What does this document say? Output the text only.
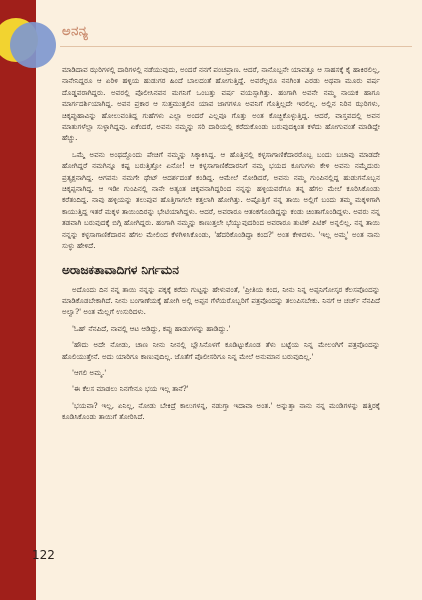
ಅನನ್ಯ

ಮಾಡಿದಾವ ಝರಿಗಳಲ್ಲಿ ದಾರಿಗಳಲ್ಲಿ ನಡೆಯುವುದು, ಅಂದರೆ ನನಗೆ ಪಂಚಪ್ರಾಣ. ಆದರೆ, ನಾನೊಬ್ಬನೇ ಯಾವತ್ತೂ ಆ ಸಾಹಸಕ್ಕೆ ಕೈ ಹಾಕಿರಲಿಲ್ಲ, ನಾನೇನಿದ್ದರೂ ಆ ಏರಿಳಿ ಹಳ್ಳಿಯ ಹುಡುಗರ ಹಿಂದೆ ಬಾಲದಂತೆ ಹೋಗುತ್ತಿದ್ದೆ. ಅವರೆಲ್ಲರೂ ನನಗಿಂತ ಎರಡು ಅಥವಾ ಮೂರು ವರ್ಷ ದೊಡ್ಡವರಾಗಿದ್ದರು. ಅವರಲ್ಲಿ ಪೊಲೀಸಿನವನ ಮಗನಿಗೆ ಒಂಬತ್ತು ವರ್ಷ ವಯಸ್ಸಾಗಿತ್ತು. ಹಂಗಾಗಿ ಅವನೇ ನಮ್ಮ ನಾಯಕ ಹಾಗೂ ಮಾರ್ಗದರ್ಶಿಯಾಗಿದ್ದ. ಅವನ ಪ್ರಕಾರ ಆ ಸುತ್ತಮುತ್ತಲಿನ ಯಾವ ಜಾಗಗಳೂ ಅವನಿಗೆ ಗೊತ್ತಿಲ್ಲದೇ ಇರಲಿಲ್ಲ. ಅಲ್ಲಿನ ನಿರಿನ ಝರಿಗಳು, ಚಿಕ್ಕಪ್ಪುಹಾವಿನ್ನು ಹೋಲುವಂತಿದ್ದ ಗುಹೆಗಳು ಎಲ್ಲಾ ಅಂದರೆ ಎಲ್ಲವೂ ಗೊತ್ತು ಅಂತ ಕೊಚ್ಚಿಕೊಳ್ಳುತ್ತಿದ್ದ. ಆದರೆ, ವಾಸ್ತವದಲ್ಲಿ ಅವನ ಮಾತುಗಳೆಲ್ಲಾ ಸುಳ್ಳಾಗಿದ್ದವು. ಏಕೆಂದರೆ, ಅವನು ನಮ್ಮನ್ನು ಸರಿ ದಾರಿಯಲ್ಲಿ ಕರೆದುಕೊಂಡು ಬರುವುದಕ್ಕಿಂತ ಕಳೆದು ಹೋಗುವಂತೆ ಮಾಡಿದ್ದೇ ಹೆಚ್ಚು.

ಒಮ್ಮೆ ಅವನು ಅಂಥದ್ದೊಂದು ಪೇಚಿಗೆ ನಮ್ಮನ್ನು ಸಿಕ್ಕಾಕಿಸಿದ್ದ. ಆ ಹೊತ್ತಿನಲ್ಲಿ ಕಳ್ಳಸಾಗಾಣಿಕೆದಾರರೊಬ್ಬ ಬಂದು ಬಚಾವು ಮಾಡದೇ ಹೋಗಿದ್ದರೆ ನಮಗಿನ್ನೂ ಕಷ್ಟ ಬರುತ್ತಿತ್ತೋ ಏನೋ! ಆ ಕಳ್ಳಸಾಗಾಣಿಕೆದಾರನಿಗೆ ನಮ್ಮ ಭಯದ ಕೂಗುಗಳು ಕೇಳಿ ಅವನು ನಮ್ಮೆದುರು ಪ್ರತ್ಯಕ್ಷನಾಗಿದ್ದ. ಆಗವನು ನಮಗೇ ಥೇಟ್ ಆದರ್ಶದಂತೆ ಕಂಡಿದ್ದ. ಆಮೇಲೆ ನೋಡಿದರೆ, ಅವನು ನಮ್ಮ ಗುಂಪಿನಲ್ಲಿದ್ದ ಹುಡುಗನೊಬ್ಬನ ಚಿಕ್ಕಪ್ಪನಾಗಿದ್ದ. ಆ ಇಡೀ ಗುಂಪಿನಲ್ಲಿ ನಾನೇ ಅತ್ಯಂತ ಚಿಕ್ಕವನಾಗಿದ್ದರಿಂದ ನನ್ನನ್ನು ಹಳ್ಳಿಯವರೆಗೂ ತನ್ನ ಹೆಗಲ ಮೇಲೆ ಕೂರಿಸಿಕೊಂಡು ಕರೆತಂದಿದ್ದ. ನಾವು ಹಳ್ಳಿಯನ್ನು ತಲುಪುವ ಹೊತ್ತಿಗಾಗಲೇ ಕತ್ತಲಾಗಿ ಹೋಗಿತ್ತು. ಅಷ್ಟೊತ್ತಿಗೆ ನನ್ನ ತಾಯಿ ಅಲ್ಲಿಗೆ ಬಂದು ತಮ್ಮ ಮಕ್ಕಳಿಗಾಗಿ ಕಾಯುತ್ತಿದ್ದ ಇತರೆ ಮಕ್ಕಳ ತಾಯಿಂದಿರನ್ನು ಭೇಟಿಯಾಗಿದ್ದಳು. ಆದರೆ, ಅವರಾರೂ ಆತಂಕಗೊಂಡಿದ್ದನ್ನು ಕಂಡು ಚಿಂತಾಗೊಂಡಿದ್ದಳು. ಅವರು ನನ್ನ ತಡವಾಗಿ ಬರುವುದಕ್ಕೆ ಬಿಗ್ಗಿ ಹೋಗಿದ್ದರು. ಹಂಗಾಗಿ ನಮ್ಮನ್ನು ಕಾಣುತ್ತಲೇ ಭೆಯ್ಯುವುದರಿಂದ ಅವರಾರೂ ತುಟಿಕ್ ಪಿಟಿಕ್ ಅನ್ನಲಿಲ್ಲ. ನನ್ನ ತಾಯಿ ನನ್ನನ್ನು ಕಳ್ಳಸಾಗಾಣಿಕೆದಾರನ ಹೆಗಲ ಮೇಲಿಂದ ಕೆಳಗಿಳಿಸಿಕೊಂಡು, 'ಹೆದರಿಕೊಂಡಿದ್ದಾ ಕಂದ?' ಅಂತ ಕೇಳಿದಳು. 'ಇಲ್ಲ ಅಮ್ಮ' ಅಂತ ನಾನು ಸುಳ್ಳು ಹೇಳಿದೆ.

ಅರಾಜಕತಾವಾದಿಗಳ ನಿರ್ಗಮನ

ಅದೊಂದು ದಿನ ನನ್ನ ತಾಯಿ ನನ್ನನ್ನು ಪಕ್ಕಕ್ಕೆ ಕರೆದು ಗುಟ್ಟನ್ನು ಹೇಳುವಂತೆ, 'ಪ್ರೀತಿಯ ಕಂದ, ನೀನು ನಿನ್ನ ಅಪ್ಪನಿಗೋಸ್ಕರ ಕೆಲಸವೊಂದನ್ನು ಮಾಡಿಕೊಡಬೇಕಾಗಿದೆ. ನೀನು ಬಂಗಾಣೆಯಕ್ಕೆ ಹೋಗಿ ಅಲ್ಲಿ ಅಪ್ಪನ ಗೆಳೆಯರೊಬ್ಬರಿಗೆ ಪತ್ರವೊಂದನ್ನು ತಲುಪಿಸಬೇಕು. ನಿನಗೆ ಆ ಚರ್ಚ್ ನೆನಪಿದೆ ಅಲ್ವಾ?' ಅಂತ ಮೆಲ್ಲಗೆ ಉಸುರಿದಳು.

'ಓಹ್ ನೆನಪಿದೆ, ನಾವಲ್ಲಿ ಆಟ ಆಡಿದ್ದು, ಕಪ್ಪು ಹಾಡುಗಳನ್ನು ಹಾಡಿದ್ದು.'

'ಹೌದು ಅದೇ ನೋಡು, ಚಾಣ ನೀನು ನೀನಲ್ಲಿ ಬ್ಲೌಸಿನೊಳಗೆ ಕೂಡಿಟ್ಟುಕೊಂಡ ತೆಳು ಬಟ್ಟೆಯ ನಿನ್ನ ಮೇಲಂಗಿಗೆ ಪತ್ರವೊಂದನ್ನು ಹೊಲಿಯುತ್ತೇನೆ. ಅದು ಯಾರಿಗೂ ಕಾಣುವುದಿಲ್ಲ. ಜೊತೆಗೆ ಪೊಲೀಸರಿಗೂ ನಿನ್ನ ಮೇಲೆ ಅನುಮಾನ ಬರುವುದಿಲ್ಲ.'

'ಆಗಲಿ ಅಮ್ಮ.'

'ಈ ಕೆಲಸ ಮಾಡಲು ನಿನಗೇನೂ ಭಯ ಇಲ್ಲ ತಾನೆ?'

'ಭಯವಾ? ಇಲ್ಲ, ಏನಿಲ್ಲ, ನೋಡು ಬೇಕಿದ್ರೆ ಕಾಲುಗಳನ್ನ, ನಡುಗ್ತಾ ಇದಾವಾ ಅಂತ.' ಅನ್ನುತ್ತಾ ನಾನು ನನ್ನ ಮಂಡಿಗಳನ್ನು ಹತ್ತಿರಕ್ಕೆ ಕೂಡಿಸಿಕೊಂಡು ತಾಯಿಗೆ ತೋರಿಸಿದೆ.

122
